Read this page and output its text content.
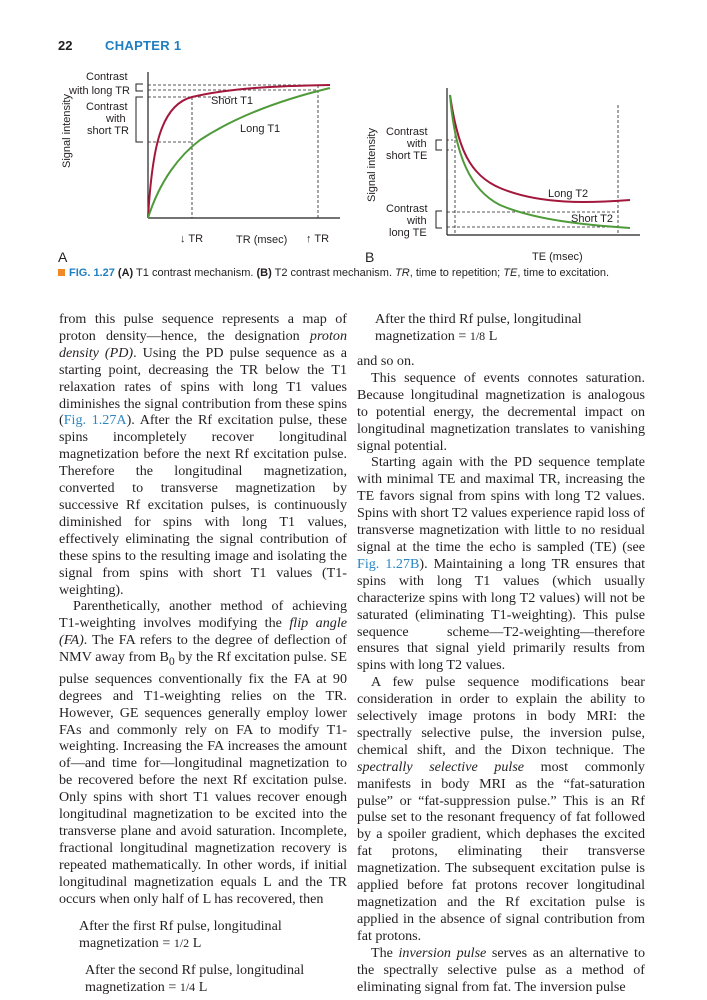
22	CHAPTER 1
Signal intensity
TR (msec)
A
↓ TR	↑ TR
Contrast
with long TR
Contrast
with
short TR
Short T1
Long T1	Signal intensity
TE (msec)
B
Contrast
with
short TE
Contrast
with
long TE
Long T2
Short T2
FIG. 1.27 (A) T1 contrast mechanism. (B) T2 contrast mechanism. TR, time to repetition; TE, time to excitation.

from this pulse sequence represents a map of proton density—hence, the designation proton density (PD). Using the PD pulse sequence as a starting point, decreasing the TR below the T1 relaxation rates of spins with long T1 values diminishes the signal contribution from these spins (Fig. 1.27A). After the Rf excitation pulse, these spins incompletely recover longitudinal magnetization before the next Rf excitation pulse. Therefore the longitudinal magnetization, converted to transverse magnetization by successive Rf excitation pulses, is continuously diminished for spins with long T1 values, effectively eliminating the signal contribution of these spins to the resulting image and isolating the signal from spins with short T1 values (T1-weighting).

Parenthetically, another method of achieving T1-weighting involves modifying the flip angle (FA). The FA refers to the degree of deflection of NMV away from $B_0$ by the Rf excitation pulse. SE pulse sequences conventionally fix the FA at 90 degrees and T1-weighting relies on the TR. However, GE sequences generally employ lower FAs and commonly rely on FA to modify T1-weighting. Increasing the FA increases the amount of—and time for—longitudinal magnetization to be recovered before the next Rf excitation pulse. Only spins with short T1 values recover enough longitudinal magnetization to be excited into the transverse plane and avoid saturation. Incomplete, fractional longitudinal magnetization recovery is repeated mathematically. In other words, if initial longitudinal magnetization equals L and the TR occurs when only half of L has recovered, then

After the first Rf pulse, longitudinal
magnetization = 1/2 L

After the second Rf pulse, longitudinal
magnetization = 1/4 L

After the third Rf pulse, longitudinal
magnetization = 1/8 L

and so on.

This sequence of events connotes saturation. Because longitudinal magnetization is analogous to potential energy, the decremental impact on longitudinal magnetization translates to vanishing signal potential.

Starting again with the PD sequence template with minimal TE and maximal TR, increasing the TE favors signal from spins with long T2 values. Spins with short T2 values experience rapid loss of transverse magnetization with little to no residual signal at the time the echo is sampled (TE) (see Fig. 1.27B). Maintaining a long TR ensures that spins with long T1 values (which usually characterize spins with long T2 values) will not be saturated (eliminating T1-weighting). This pulse sequence scheme—T2-weighting—therefore ensures that signal yield primarily results from spins with long T2 values.

A few pulse sequence modifications bear consideration in order to explain the ability to selectively image protons in body MRI: the spectrally selective pulse, the inversion pulse, chemical shift, and the Dixon technique. The spectrally selective pulse most commonly manifests in body MRI as the “fat-saturation pulse” or “fat-suppression pulse.” This is an Rf pulse set to the resonant frequency of fat followed by a spoiler gradient, which dephases the excited fat protons, eliminating their transverse magnetization. The subsequent excitation pulse is applied before fat protons recover longitudinal magnetization and the Rf excitation pulse is applied in the absence of signal contribution from fat protons.

The inversion pulse serves as an alternative to the spectrally selective pulse as a method of eliminating signal from fat. The inversion pulse
